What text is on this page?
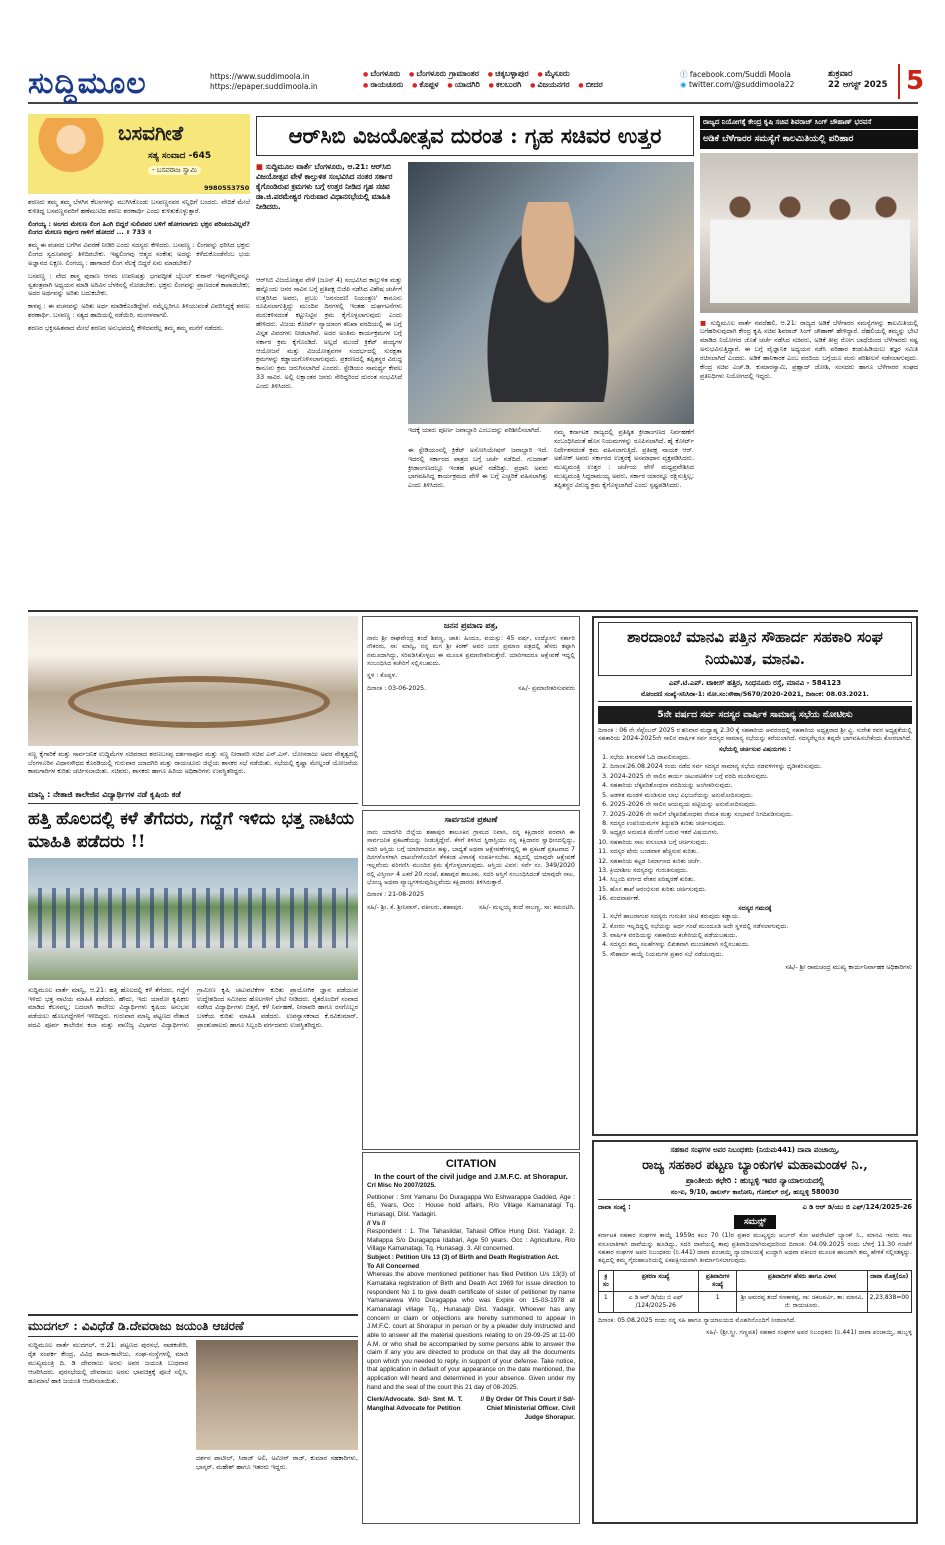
ಸುದ್ದಿಮೂಲ	https://www.suddimoola.in
https://epaper.suddimoola.in
● ಬೆಂಗಳೂರು ● ಬೆಂಗಳೂರು ಗ್ರಾಮಾಂತರ ● ಚಿಕ್ಕಬಳ್ಳಾಪುರ ● ಮೈಸೂರು
● ರಾಯಚೂರು ● ಕೊಪ್ಪಳ ● ಯಾದಗಿರಿ ● ಕಲಬುರಗಿ ● ವಿಜಯನಗರ ● ಬೀದರ
ⓕ facebook.com/Suddi Moola
◉ twitter.com/@suddimoola22
ಶುಕ್ರವಾರ
22 ಆಗಸ್ಟ್ 2025 5
ಬಸವಗೀತೆ
ಸತ್ಯ ಸಂವಾದ -645
- ಬಸವರಾಜ ಸ್ವಾಮಿ
9980553750

ಶರಣರು ತಮ್ಮ ತಮ್ಮ ಬೆಳಗಿನ ಕೆಲಸಗಳನ್ನು ಮುಗಿಸಿಕೊಂಡು ಬಸವಣ್ಣನವರ ಸನ್ನಿಧಿಗೆ ಬಂದರು. ವೇದಿಕೆ ಮೇಲೆ ಕುಳಿತಿದ್ದ ಬಸವಣ್ಣನವರಿಗೆ ಹಣೆಮುಟಿದ ಶರಣು ಶರಣಾರ್ಥಿ ಎಂದು ಕುಳಿತುಕೊಳ್ಳುತ್ತಾರೆ.

ಲಿಂಗಯ್ಯ : ಅಂಗದ ಮೇಲಣ ಲಿಂಗ ಹಿಂಗಿ ಬಿದ್ದರೆ ಸುಲಿವವರ ಬಳಿಗೆ ಹೋಗಲಾಗದು ಭಕ್ತನ ಪರಿಚಯವಿಲ್ಲವೆ? ಲಿಂಗದ ಮೇಲಣ ಕರ್ಪುರ ಗಾಳಿಗೆ ಹೋದರೆ ... ॥ 733 ॥

ತಮ್ಮ ಈ ವಚನದ ಬಗೆಗಿನ ವಿವರಣೆ ನೀಡಿರಿ ಎಂದು ಸದಸ್ಯರು ಕೇಳಿದರು. ಬಸವಣ್ಣ : ಲಿಂಗವನ್ನು ಧರಿಸಿದ ಭಕ್ತನು ಲಿಂಗದ ಸ್ವರೂಪವನ್ನು ತಿಳಿದಿರಬೇಕು. ಇಷ್ಟಲಿಂಗವು ಆತ್ಮದ ಸಂಕೇತ; ಅದನ್ನು ಕಳೆದುಕೊಂಡೆನೆಂಬ ಭಯ ಅಜ್ಞಾನದ ಲಕ್ಷಣ. ಲಿಂಗಯ್ಯ : ಹಾಗಾದರೆ ಲಿಂಗ ನೆಲಕ್ಕೆ ಬಿದ್ದರೆ ಏನು ಮಾಡಬೇಕು?

ಬಸವಣ್ಣ : ವೇದ ಶಾಸ್ತ್ರ ಪುರಾಣ ಆಗಮ ಉಪನಿಷತ್ತು ಭಗವದ್ಗೀತೆ ಬೈಬಲ್ ಕುರಾನ್ ಇವುಗಳೆಲ್ಲವನ್ನೂ ಸ್ವತಂತ್ರವಾಗಿ ಅಧ್ಯಯನ ಮಾಡಿ ಅರಿವಿನ ಬೆಳಕಿನಲ್ಲಿ ನೋಡಬೇಕು. ಭಕ್ತನು ಲಿಂಗವನ್ನು ಪ್ರಾಣದಂತೆ ಕಾಪಾಡಬೇಕು; ಅದರ ಅರ್ಥವನ್ನು ಅರಿತು ಬದುಕಬೇಕು.

ಕಾಳಪ್ಪ : ಈ ವಚನವನ್ನು ಅರಿತು ಅರ್ಥ ಮಾಡಿಕೊಂಡಿದ್ದೇವೆ. ನಮ್ಮೆಲ್ಲರಿಗೂ ತಿಳಿಯುವಂತೆ ವಿವರಿಸಿದ್ದಕ್ಕೆ ಶರಣು ಶರಣಾರ್ಥಿ. ಬಸವಣ್ಣ : ಸತ್ಯದ ಹಾದಿಯಲ್ಲಿ ನಡೆಯಿರಿ, ಮಂಗಳವಾಗಲಿ.

ಶರಣರ ಭಕ್ತಿಸಹಿತವಾದ ಮೇಲೆ ಶರಣರ ಅನುಭವದಲ್ಲಿ ಕೇಳಿದವರೆಲ್ಲ ತಮ್ಮ ತಮ್ಮ ಮನೆಗೆ ನಡೆದರು.

ಆರ್‌ಸಿಬಿ ವಿಜಯೋತ್ಸವ ದುರಂತ : ಗೃಹ ಸಚಿವರ ಉತ್ತರ
■ ಸುದ್ದಿಮೂಲ ವಾರ್ತೆ ಬೆಂಗಳೂರು, ಆ.21: ಆರ್‌ಸಿಬಿ ವಿಜಯೋತ್ಸವ ವೇಳೆ ಕಾಲ್ತುಳಿತ ಸಂಭವಿಸಿದ ನಂತರ ಸರ್ಕಾರ ಕೈಗೊಂಡಿರುವ ಕ್ರಮಗಳು ಬಗ್ಗೆ ಉತ್ತರ ನೀಡಿದ ಗೃಹ ಸಚಿವ ಡಾ.ಜಿ.ಪರಮೇಶ್ವರ ಗುರುವಾರ ವಿಧಾನಸಭೆಯಲ್ಲಿ ಮಾಹಿತಿ ನೀಡಿದರು.
ಇದಕ್ಕೆ ಯಾರು ಪೂರ್ಣ ಜವಾಬ್ದಾರಿ ಎಂಬುದನ್ನು ಪರಿಶೀಲಿಸಲಾಗಿದೆ.
ಆರ್‌ಸಿಬಿ ವಿಜಯೋತ್ಸವ ವೇಳೆ (ಜೂನ್ 4) ಸಂಭವಿಸಿದ ಕಾಲ್ತುಳಿತ ಮತ್ತು ಹನ್ನೊಂದು ಜನರ ಸಾವಿನ ಬಗ್ಗೆ ಪ್ರತಿಪಕ್ಷ ಬಿಜೆಪಿ ನಡೆಸಿದ ವಿಶೇಷ ಚರ್ಚೆಗೆ ಉತ್ತರಿಸಿದ ಅವರು, ಪ್ರಬಲ 'ಜನಸಂದಣಿ ನಿಯಂತ್ರಣ' ಕಾನೂನು ರೂಪಿಸಲಾಗುತ್ತಿದ್ದು ಮುಂದಿನ ದಿನಗಳಲ್ಲಿ ಇಂತಹ ದುರ್ಘಟನೆಗಳು ಮರುಕಳಿಸದಂತೆ ಕಟ್ಟುನಿಟ್ಟಿನ ಕ್ರಮ ಕೈಗೊಳ್ಳಲಾಗುವುದು ಎಂದು ಹೇಳಿದರು. ವಿಜಯ ಕೋರ್ಟ್ ನ್ಯಾಯಾಂಗ ತನಿಖಾ ವರದಿಯಲ್ಲಿ ಈ ಬಗ್ಗೆ ವಿಸ್ತೃತ ವಿವರಗಳು ನೀಡಲಾಗಿವೆ. ಅದರ ಅಂತಿಮ ಕಾರ್ಯಕ್ರಮಗಳ ಬಗ್ಗೆ ಸರ್ಕಾರ ಕ್ರಮ ಕೈಗೊಂಡಿದೆ. ಅಲ್ಲದೆ ಮುಂದೆ ಕ್ರಿಕೆಟ್ ಪಂದ್ಯಗಳ ಆಯೋಜನೆ ಮತ್ತು ವಿಜಯೋತ್ಸವಗಳ ಸಂದರ್ಭದಲ್ಲಿ ಸುರಕ್ಷತಾ ಕ್ರಮಗಳನ್ನು ಕಡ್ಡಾಯಗೊಳಿಸಲಾಗುವುದು. ಪ್ರಕರಣದಲ್ಲಿ ತಪ್ಪಿತಸ್ಥರ ವಿರುದ್ಧ ಕಾನೂನು ಕ್ರಮ ಜರುಗಿಸಲಾಗಿದೆ ಎಂದರು. ಸ್ಟೇಡಿಯಂ ಸಾಮರ್ಥ್ಯ ಕೇವಲ 33 ಸಾವಿರ. ಅಲ್ಲಿ ಲಕ್ಷಾಂತರ ಜನರು ಸೇರಿದ್ದರಿಂದ ದುರಂತ ಸಂಭವಿಸಿದೆ ಎಂದು ತಿಳಿಸಿದರು.
ಈ ಸ್ಟೇಡಿಯಂನಲ್ಲಿ ಕ್ರಿಕೆಟ್ ಅಸೋಸಿಯೇಷನ್ ಜವಾಬ್ದಾರಿ ಇದೆ. ಇದರಲ್ಲಿ ಸರ್ಕಾರದ ಪಾತ್ರದ ಬಗ್ಗೆ ಚರ್ಚೆ ನಡೆದಿದೆ. ಗುಜರಾತ್ ಕ್ರೀಡಾಂಗಣದಲ್ಲೂ ಇಂತಹ ಘಟನೆ ನಡೆದಿತ್ತು. ಪ್ರಧಾನಿ ಅವರು ಭಾಗವಹಿಸಿದ್ದ ಕಾರ್ಯಕ್ರಮದ ವೇಳೆ ಈ ಬಗ್ಗೆ ಎಚ್ಚರಿಕೆ ವಹಿಸಲಾಗಿತ್ತು ಎಂದು ತಿಳಿಸಿದರು.
ನಮ್ಮ ಕರ್ನಾಟಕ ರಾಜ್ಯದಲ್ಲಿ ಪ್ರತಿಷ್ಠಿತ ಕ್ರೀಡಾಂಗಣದ ನಿರ್ವಹಣೆಗೆ ಸಂಬಂಧಿಸಿದಂತೆ ಹೊಸ ನಿಯಮಗಳನ್ನು ರೂಪಿಸಲಾಗಿದೆ. ಹೈ ಕೋರ್ಟ್ ನಿರ್ದೇಶನದಂತೆ ಕ್ರಮ ವಹಿಸಲಾಗುತ್ತಿದೆ. ಪ್ರತಿಪಕ್ಷ ನಾಯಕ ಆರ್. ಅಶೋಕ್ ಅವರು ಸರ್ಕಾರದ ಉತ್ತರಕ್ಕೆ ಅಸಮಾಧಾನ ವ್ಯಕ್ತಪಡಿಸಿದರು. ಮುಖ್ಯಮಂತ್ರಿ ಉತ್ತರ : ಚರ್ಚೆಯ ವೇಳೆ ಮಧ್ಯಪ್ರವೇಶಿಸಿದ ಮುಖ್ಯಮಂತ್ರಿ ಸಿದ್ದರಾಮಯ್ಯ ಅವರು, ಸರ್ಕಾರ ಯಾರನ್ನೂ ರಕ್ಷಿಸುತ್ತಿಲ್ಲ; ತಪ್ಪಿತಸ್ಥರ ವಿರುದ್ಧ ಕ್ರಮ ಕೈಗೊಳ್ಳಲಾಗಿದೆ ಎಂದು ಸ್ಪಷ್ಟಪಡಿಸಿದರು.
ರಾಜ್ಯದ ನಿಯೋಗಕ್ಕೆ ಕೇಂದ್ರ ಕೃಷಿ ಸಚಿವ ಶಿವರಾಜ್ ಸಿಂಗ್ ಚೌಹಾಣ್ ಭರವಸೆ
ಅಡಿಕೆ ಬೆಳೆಗಾರರ ಸಮಸ್ಯೆಗೆ ಕಾಲಮಿತಿಯಲ್ಲಿ ಪರಿಹಾರ
■ ಸುದ್ದಿಮೂಲ ವಾರ್ತೆ ನವದೆಹಲಿ, ಆ.21: ರಾಜ್ಯದ ಅಡಿಕೆ ಬೆಳೆಗಾರರ ಸಮಸ್ಯೆಗಳನ್ನು ಕಾಲಮಿತಿಯಲ್ಲಿ ಬಗೆಹರಿಸುವುದಾಗಿ ಕೇಂದ್ರ ಕೃಷಿ ಸಚಿವ ಶಿವರಾಜ್ ಸಿಂಗ್ ಚೌಹಾಣ್ ಹೇಳಿದ್ದಾರೆ. ದೆಹಲಿಯಲ್ಲಿ ತಮ್ಮನ್ನು ಭೇಟಿ ಮಾಡಿದ ನಿಯೋಗದ ಜೊತೆ ಚರ್ಚೆ ನಡೆಸಿದ ಸಚಿವರು, ಅಡಿಕೆ ತೀವ್ರ ರೋಗ ಬಾಧೆಯಿಂದ ಬೆಳೆಗಾರರು ನಷ್ಟ ಅನುಭವಿಸುತ್ತಿದ್ದಾರೆ. ಈ ಬಗ್ಗೆ ವೈಜ್ಞಾನಿಕ ಅಧ್ಯಯನ ನಡೆಸಿ ಪರಿಹಾರ ಕಂಡುಹಿಡಿಯಲು ತಜ್ಞರ ಸಮಿತಿ ರಚಿಸಲಾಗಿದೆ ಎಂದರು. ಅಡಿಕೆ ಹಾನಿಕಾರಕ ಎಂಬ ವರದಿಯ ಬಗ್ಗೆಯೂ ಮರು ಪರಿಶೀಲನೆ ನಡೆಸಲಾಗುವುದು. ಕೇಂದ್ರ ಸಚಿವ ಎಚ್.ಡಿ. ಕುಮಾರಸ್ವಾಮಿ, ಪ್ರಹ್ಲಾದ್ ಜೋಶಿ, ಸಂಸದರು ಹಾಗೂ ಬೆಳೆಗಾರರ ಸಂಘದ ಪ್ರತಿನಿಧಿಗಳು ನಿಯೋಗದಲ್ಲಿ ಇದ್ದರು.
ಸಣ್ಣ ಕೈಗಾರಿಕೆ ಮತ್ತು ಸಾರ್ವಜನಿಕ ಉದ್ದಿಮೆಗಳ ಸಚಿವರಾದ ಶರಣಬಸಪ್ಪ ದರ್ಶನಾಪೂರ ಮತ್ತು ಸಣ್ಣ ನೀರಾವರಿ ಸಚಿವ ಎನ್.ಎಸ್. ಬೋಸರಾಜು ಅವರ ನೇತೃತ್ವದಲ್ಲಿ ಬೆಂಗಳೂರಿನ ವಿಧಾನಸೌಧದ ಕೊಠಡಿಯಲ್ಲಿ ಗುರುವಾರ ಯಾದಗಿರಿ ಮತ್ತು ರಾಯಚೂರು ಜಿಲ್ಲೆಯ ಶಾಸಕರ ಸಭೆ ನಡೆಯಿತು. ಸಭೆಯಲ್ಲಿ ಕೃಷ್ಣಾ ಮೇಲ್ದಂಡೆ ಯೋಜನೆಯ ಕಾಮಗಾರಿಗಳ ಕುರಿತು ಚರ್ಚಿಸಲಾಯಿತು. ಸಚಿವರು, ಶಾಸಕರು ಹಾಗೂ ಹಿರಿಯ ಅಧಿಕಾರಿಗಳು ಉಪಸ್ಥಿತರಿದ್ದರು.
ಮಾನ್ವಿ : ನೇತಾಜಿ ಕಾಲೇಜಿನ ವಿದ್ಯಾರ್ಥಿಗಳ ನಡೆ ಕೃಷಿಯ ಕಡೆ
ಹತ್ತಿ ಹೊಲದಲ್ಲಿ ಕಳೆ ತೆಗೆದರು, ಗದ್ದೆಗೆ ಇಳಿದು ಭತ್ತ ನಾಟಿಯ ಮಾಹಿತಿ ಪಡೆದರು !!
ಸುದ್ದಿಮೂಲ ವಾರ್ತೆ ಮಾನ್ವಿ, ಆ.21: ಹತ್ತಿ ಹೊಲದಲ್ಲಿ ಕಳೆ ತೆಗೆದರು, ಗದ್ದೆಗೆ ಇಳಿದು ಭತ್ತ ನಾಟಿಯ ಮಾಹಿತಿ ಪಡೆದರು. ಹೌದು, ಇದು ಯಾರೋ ಕೃಷಿಕರು ಮಾಡಿದ ಕೆಲಸವಲ್ಲ; ಬದಲಾಗಿ ಕಾಲೇಜು ವಿದ್ಯಾರ್ಥಿಗಳು ಕೃಷಿಯ ಅನುಭವ ಪಡೆಯಲು ಹೊಲಗದ್ದೆಗಳಿಗೆ ಇಳಿದಿದ್ದರು. ಗುರುವಾರ ಮಾನ್ವಿ ಪಟ್ಟಣದ ನೇತಾಜಿ ಪದವಿ ಪೂರ್ವ ಕಾಲೇಜಿನ ಕಲಾ ಮತ್ತು ವಾಣಿಜ್ಯ ವಿಭಾಗದ ವಿದ್ಯಾರ್ಥಿಗಳು ಗ್ರಾಮೀಣ ಕೃಷಿ ಚಟುವಟಿಕೆಗಳ ಕುರಿತು ಪ್ರಾಯೋಗಿಕ ಜ್ಞಾನ ಪಡೆಯುವ ಉದ್ದೇಶದಿಂದ ಸಮೀಪದ ಹೊಲಗಳಿಗೆ ಭೇಟಿ ನೀಡಿದರು. ರೈತರೊಂದಿಗೆ ಸಂವಾದ ನಡೆಸಿದ ವಿದ್ಯಾರ್ಥಿಗಳು ಬಿತ್ತನೆ, ಕಳೆ ನಿರ್ವಹಣೆ, ನೀರಾವರಿ ಹಾಗೂ ರಸಗೊಬ್ಬರ ಬಳಕೆಯ ಕುರಿತು ಮಾಹಿತಿ ಪಡೆದರು. ಉಪನ್ಯಾಸಕರಾದ ಕೆ.ರವಿಕುಮಾರ್, ಪ್ರಾಂಶುಪಾಲರು ಹಾಗೂ ಸಿಬ್ಬಂದಿ ವರ್ಗದವರು ಉಪಸ್ಥಿತರಿದ್ದರು.
ಮುದಗಲ್ : ವಿವಿಧೆಡೆ ಡಿ.ದೇವರಾಜು ಜಯಂತಿ ಆಚರಣೆ
ಸುದ್ದಿಮೂಲ ವಾರ್ತೆ ಮುದಗಲ್, ಆ.21: ಪಟ್ಟಣದ ಪುರಸಭೆ, ನಾಡಕಚೇರಿ, ರೈತ ಸಂಪರ್ಕ ಕೇಂದ್ರ, ವಿವಿಧ ಶಾಲಾ-ಕಾಲೇಜು, ಸಂಘ-ಸಂಸ್ಥೆಗಳಲ್ಲಿ ಮಾಜಿ ಮುಖ್ಯಮಂತ್ರಿ ದಿ. ಡಿ ದೇವರಾಜು ಅರಸು ಅವರ ಜಯಂತಿ ಬುಧವಾರ ಆಚರಿಸಿದರು. ಪುರಸಭೆಯಲ್ಲಿ ದೇವರಾಜು ಅರಸು ಭಾವಚಿತ್ರಕ್ಕೆ ಪೂಜೆ ಸಲ್ಲಿಸಿ, ಹೂಮಾಲೆ ಹಾಕಿ ಜಯಂತಿ ಆಚರಿಸಲಾಯಿತು.
ದರ್ಶನ ಪಾಟೀಲ್, ಸಿರಾಜ್ ಅಲಿ, ಅಮೀನ್ ರಾಜ್, ಕುಮಾರ ಸಹಕಾರಿಗಳು, ಭಾಸ್ಕರ್, ಮಹೇಶ್ ಹಾಗೂ ಇತರರು ಇದ್ದರು.
ಜನನ ಪ್ರಮಾಣ ಪತ್ರ,
ನಾನು ಶ್ರೀ ರಾಘವೇಂದ್ರ ತಂದೆ ಶಿವಣ್ಣ, ಜಾತಿ: ಹಿಂದೂ, ವಯಸ್ಸು: 45 ವರ್ಷ, ಉದ್ಯೋಗ: ಸರ್ಕಾರಿ ನೌಕರರು, ಸಾ: ಮಾನ್ವಿ, ನನ್ನ ಮಗ ಶ್ರೀ ಕಿರಣ್ ಅವರ ಜನನ ಪ್ರಮಾಣ ಪತ್ರದಲ್ಲಿ ಹೆಸರು ತಪ್ಪಾಗಿ ನಮೂದಾಗಿದ್ದು, ಸರಿಪಡಿಸಿಕೊಳ್ಳಲು ಈ ಮೂಲಕ ಪ್ರಮಾಣೀಕರಿಸುತ್ತೇನೆ. ಯಾರಿಗಾದರೂ ಆಕ್ಷೇಪಣೆ ಇದ್ದಲ್ಲಿ ಸಂಬಂಧಿಸಿದ ಕಚೇರಿಗೆ ಸಲ್ಲಿಸಬಹುದು.
ಸ್ಥಳ : ಕೊಪ್ಪಳ.
ದಿನಾಂಕ : 03-06-2025.	ಸಹಿ/- ಪ್ರಮಾಣೀಕರಿಸುವವರು
ಸಾರ್ವಜನಿಕ ಪ್ರಕಟಣೆ
ನಾನು ಯಾದಗಿರಿ ಜಿಲ್ಲೆಯ ಶಹಾಪುರ ತಾಲೂಕಿನ ಗ್ರಾಮದ ನಿವಾಸಿ, ನನ್ನ ಕಕ್ಷಿದಾರರ ಪರವಾಗಿ ಈ ಸಾರ್ವಜನಿಕ ಪ್ರಕಟಣೆಯನ್ನು ನೀಡುತ್ತಿದ್ದೇನೆ. ಕೆಳಗೆ ತಿಳಿಸಿದ ಸ್ಥಿರಾಸ್ತಿಯು ನನ್ನ ಕಕ್ಷಿದಾರರ ಸ್ವಾಧೀನದಲ್ಲಿದ್ದು, ಸದರಿ ಆಸ್ತಿಯ ಬಗ್ಗೆ ಯಾರಿಗಾದರೂ ಹಕ್ಕು, ಬಾಧ್ಯತೆ ಅಥವಾ ಆಕ್ಷೇಪಣೆಗಳಿದ್ದಲ್ಲಿ ಈ ಪ್ರಕಟಣೆ ಪ್ರಕಟವಾದ 7 ದಿನಗಳೊಳಗಾಗಿ ದಾಖಲೆಗಳೊಂದಿಗೆ ಕೆಳಕಂಡ ವಿಳಾಸಕ್ಕೆ ಸಂಪರ್ಕಿಸಬೇಕು. ತಪ್ಪಿದಲ್ಲಿ ಯಾವುದೇ ಆಕ್ಷೇಪಣೆ ಇಲ್ಲವೆಂದು ಪರಿಗಣಿಸಿ ಮುಂದಿನ ಕ್ರಮ ಕೈಗೊಳ್ಳಲಾಗುವುದು. ಆಸ್ತಿಯ ವಿವರ: ಸರ್ವೆ ನಂ. 349/2020 ರಲ್ಲಿ ವಿಸ್ತೀರ್ಣ 4 ಎಕರೆ 20 ಗುಂಟೆ, ಶಹಾಪುರ ತಾಲೂಕು. ಸದರಿ ಆಸ್ತಿಗೆ ಸಂಬಂಧಿಸಿದಂತೆ ಯಾವುದೇ ಸಾಲ, ಭೋಜ್ಯ ಅಥವಾ ವ್ಯಾಜ್ಯಗಳಿರುವುದಿಲ್ಲವೆಂದು ಕಕ್ಷಿದಾರರು ತಿಳಿಸಿರುತ್ತಾರೆ.
ದಿನಾಂಕ : 21-08-2025
ಸಹಿ/- ಶ್ರೀ. ಕೆ. ಶ್ರೀನಿವಾಸ್, ವಕೀಲರು, ಶಹಾಪುರ.	ಸಹಿ/- ಮಲ್ಲಯ್ಯ ತಂದೆ ಸಾಬಣ್ಣ, ಸಾ: ಕಮನಟಿಗಿ.
CITATION
In the court of the civil judge and J.M.F.C. at Shorapur.
Crl Misc No 2007/2025.
Petitioner : Smt Yamanu Do Duragappa Wo Eshwarappa Gadded, Age : 65, Years, Occ : House hold affairs, R/o Village Kamanatagi Tq. Hunasagi, Dist. Yadagiri.
// Vs //
Respondent : 1. The Tahasildar, Tahasil Office Hung Dist. Yadagir. 2. Mallappa S/o Duragappa Idabari, Age 50 years. Occ : Agriculture, R/o Village Kamanatagi, Tq. Hunasagi. 3. All concerned.
Subject : Petition U/s 13 (3) of Birth and Death Registration Act.
To All Concerned
Whereas the above mentioned petitioner has filed Petition U/s 13(3) of Karnataka registration of Birth and Death Act 1969 for issue direction to respondent No 1 to give death certificate of sister of petitioner by name Yamanawwa W/o Duragappa who was Expire on 15-03-1978 at Kamanatagi village Tq., Hunasagi Dist. Yadagir. Whoever has any concern or claim or objections are hereby summoned to appear in J.M.F.C. court at Shorapur in person or by a pleader duly instructed and able to answer all the material questions relating to on 29-09-25 at 11-00 A.M. or who shall be accompanied by some persons able to answer the claim if any you are directed to produce on that day all the documents upon which you needed to reply, in support of your defense. Take notice, that application in default of your appearance on the date mentioned, the application will heard and determined in your absence. Given under my hand and the seal of the court this 21 day of 08-2025.
Clerk/Advocate. Sd/- Smt M. T. Manglhal Advocate for Petition
// By Order Of This Court // Sd/- Chief Ministerial Officer. Civil Judge Shorapur.
ಶಾರದಾಂಬೆ ಮಾನವಿ ಪತ್ತಿನ ಸೌಹಾರ್ದ ಸಹಕಾರಿ ಸಂಘ ನಿಯಮಿತ, ಮಾನವಿ.
ಎಪ್.ಟಿ.ಎಪ್. ಟಾಕೀಸ್ ಹತ್ತಿರ, ಸಿಂಧನೂರು ರಸ್ತೆ, ಮಾನವಿ - 584123
ನೋಂದಣಿ ಸಂಖ್ಯೆ-ಸನಿಸಿರಾ-1: ನೋ.ಸಂ:ಸೌಹಾ/5670/2020-2021, ದಿನಾಂಕ: 08.03.2021.
5ನೇ ವರ್ಷದ ಸರ್ವ ಸದಸ್ಯರ ವಾರ್ಷಿಕ ಸಾಮಾನ್ಯ ಸಭೆಯ ನೋಟೀಸು

ದಿನಾಂಕ : 06 ನೇ ಸೆಪ್ಟೆಂಬರ್ 2025 ರ ಶನಿವಾರ ಮಧ್ಯಾಹ್ನ 2.30 ಕ್ಕೆ ಸಹಕಾರಿಯ ಆವರಣದಲ್ಲಿ ಸಹಕಾರಿಯ ಅಧ್ಯಕ್ಷರಾದ ಶ್ರೀ ವ್ಹಿ. ಸುರೇಶ ರವರ ಅಧ್ಯಕ್ಷತೆಯಲ್ಲಿ ಸಹಕಾರಿಯ 2024-2025ನೇ ಸಾಲಿನ ವಾರ್ಷಿಕ ಸರ್ವ ಸದಸ್ಯರ ಸಾಮಾನ್ಯ ಸಭೆಯನ್ನು ಕರೆಯಲಾಗಿದೆ. ಸದಸ್ಯರೆಲ್ಲರೂ ತಪ್ಪದೇ ಭಾಗವಹಿಸಬೇಕೆಂದು ಕೋರಲಾಗಿದೆ.

ಸಭೆಯಲ್ಲಿ ಚರ್ಚಿಸುವ ವಿಷಯಗಳು :

1. ಸಭೆಯ ತಿಳುವಳಿಕೆ ಓದಿ ದಾಖಲಿಸುವುದು.
2. ದಿನಾಂಕ:26.08.2024 ರಂದು ನಡೆದ ಸರ್ವ ಸದಸ್ಯರ ಸಾಮಾನ್ಯ ಸಭೆಯ ನಡವಳಿಗಳನ್ನು ಧೃಡೀಕರಿಸುವುದು.
3. 2024-2025 ನೇ ಸಾಲಿನ ಕಾರ್ಯ ಚಟುವಟಿಕೆಗಳ ಬಗ್ಗೆ ವರದಿ ಮಂಡಿಸುವುದು.
4. ಸಹಕಾರಿಯ ಲೆಕ್ಕಪರಿಶೋಧನಾ ವರದಿಯನ್ನು ಅಂಗೀಕರಿಸುವುದು.
5. ಆಡಳಿತ ಮಂಡಳಿ ಮಂಡಿಸುವ ಲಾಭ ವಿಭಜನೆಯನ್ನು ಅನುಮೋದಿಸುವುದು.
6. 2025-2026 ನೇ ಸಾಲಿನ ಆಯವ್ಯಯ ಪಟ್ಟಿಯನ್ನು ಅನುಮೋದಿಸುವುದು.
7. 2025-2026 ನೇ ಸಾಲಿಗೆ ಲೆಕ್ಕಪರಿಶೋಧಕರ ನೇಮಕ ಮತ್ತು ಸಂಭಾವನೆ ನಿಗದಿಪಡಿಸುವುದು.
8. ಸದಸ್ಯರ ಉಪನಿಯಮಗಳ ತಿದ್ದುಪಡಿ ಕುರಿತು ಚರ್ಚಿಸುವುದು.
9. ಅಧ್ಯಕ್ಷರ ಅನುಮತಿ ಮೇರೆಗೆ ಬರುವ ಇತರೆ ವಿಷಯಗಳು.
10. ಸಹಕಾರಿಯ ಸಾಲ ವಸೂಲಾತಿ ಬಗ್ಗೆ ಚರ್ಚಿಸುವುದು.
11. ಸದಸ್ಯರ ಷೇರು ಬಂಡವಾಳ ಹೆಚ್ಚಿಸುವ ಕುರಿತು.
12. ಸಹಕಾರಿಯ ಕಟ್ಟಡ ನಿರ್ಮಾಣದ ಕುರಿತು ಚರ್ಚೆ.
13. ಕ್ರಿಯಾಶೀಲ ಸದಸ್ಯರನ್ನು ಗುರುತಿಸುವುದು.
14. ಸಿಬ್ಬಂದಿ ವರ್ಗದ ವೇತನ ಪರಿಷ್ಕರಣೆ ಕುರಿತು.
15. ಹೊಸ ಶಾಖೆ ಆರಂಭಿಸುವ ಕುರಿತು ಚರ್ಚಿಸುವುದು.
16. ವಂದನಾರ್ಪಣೆ.

ಸದಸ್ಯರ ಗಮನಕ್ಕೆ

1. ಸಭೆಗೆ ಹಾಜರಾಗುವ ಸದಸ್ಯರು ಗುರುತಿನ ಚೀಟಿ ತರುವುದು ಕಡ್ಡಾಯ.
2. ಕೋರಂ ಇಲ್ಲದಿದ್ದಲ್ಲಿ ಸಭೆಯನ್ನು ಅರ್ಧ ಗಂಟೆ ಮುಂದೂಡಿ ಅದೇ ಸ್ಥಳದಲ್ಲಿ ನಡೆಸಲಾಗುವುದು.
3. ವಾರ್ಷಿಕ ವರದಿಯನ್ನು ಸಹಕಾರಿಯ ಕಚೇರಿಯಲ್ಲಿ ಪಡೆಯಬಹುದು.
4. ಸದಸ್ಯರು ತಮ್ಮ ಸಲಹೆಗಳನ್ನು ಲಿಖಿತವಾಗಿ ಮುಂಚಿತವಾಗಿ ಸಲ್ಲಿಸಬಹುದು.
5. ಸೌಹಾರ್ದ ಕಾಯ್ದೆ ನಿಯಮಗಳ ಪ್ರಕಾರ ಸಭೆ ನಡೆಯುವುದು.
ಸಹಿ/- ಶ್ರೀ ರಾಮಚಂದ್ರ ಮುಖ್ಯ ಕಾರ್ಯನಿರ್ವಾಹಕ ಅಧಿಕಾರಿಗಳು
ಸಹಕಾರ ಸಂಘಗಳ ಅಪರ ನಿಬಂಧಕರು (ನಿಯಮ441) ದಾವಾ ಪಂಚಾಯ್ತಿ,
ರಾಜ್ಯ ಸಹಕಾರ ಪಟ್ಟಣ ಬ್ಯಾಂಕುಗಳ ಮಹಾಮಂಡಳ ನಿ.,
ಪ್ರಾಂತೀಯ ಕಛೇರಿ : ಹುಬ್ಬಳ್ಳಿ ಇವರ ನ್ಯಾಯಾಲಯದಲ್ಲಿ
ನಂ-ಐ, 9/10, ಡಾಲರ್ಸ್ ಕಾಲೋನಿ, ಗೋಕುಲ್ ರಸ್ತೆ, ಹುಬ್ಬಳ್ಳಿ 580030
ದಾವಾ ಸಂಖ್ಯೆ :	ಎ ಡಿ ಆರ್ ಡಿ/ಯು ಬಿ ಎಫ್/124/2025-26
ಸಮನ್ಸ್
ಕರ್ನಾಟಕ ಸಹಕಾರ ಸಂಘಗಳ ಕಾಯ್ದೆ 1959ರ ಕಲಂ 70 (1)ರ ಪ್ರಕಾರ ಮುಖ್ಯಸ್ಥರು ಅರ್ಬನ್ ಕೋ ಆಪರೇಟಿವ್ ಬ್ಯಾಂಕ್ ನಿ., ಮಾನವಿ ಇವರು ಸಾಲ ವಸೂಲಾತಿಗಾಗಿ ದಾವೆಯನ್ನು ಹೂಡಿದ್ದು, ಸದರಿ ದಾವೆಯಲ್ಲಿ ತಾವು ಪ್ರತಿವಾದಿಯಾಗಿರುವುದರಿಂದ ದಿನಾಂಕ: 04.09.2025 ರಂದು ಬೆಳಿಗ್ಗೆ 11.30 ಗಂಟೆಗೆ ಸಹಕಾರ ಸಂಘಗಳ ಅಪರ ನಿಬಂಧಕರು (ನಿ.441) ದಾವಾ ಪಂಚಾಯ್ತಿ ನ್ಯಾಯಾಲಯಕ್ಕೆ ಖುದ್ದಾಗಿ ಅಥವಾ ವಕೀಲರ ಮೂಲಕ ಹಾಜರಾಗಿ ತಮ್ಮ ಹೇಳಿಕೆ ಸಲ್ಲಿಸತಕ್ಕದ್ದು. ತಪ್ಪಿದಲ್ಲಿ ತಮ್ಮ ಗೈರುಹಾಜರಿಯಲ್ಲಿ ಏಕಪಕ್ಷೀಯವಾಗಿ ತೀರ್ಮಾನಿಸಲಾಗುವುದು.
ಕ್ರ ಸಂ	ಪ್ರಕರಣ ಸಂಖ್ಯೆ	ಪ್ರತಿವಾದಿಗಳ ಸಂಖ್ಯೆ	ಪ್ರತಿವಾದಿಗಳ ಹೆಸರು ಹಾಗೂ ವಿಳಾಸ	ದಾವಾ ಮೊತ್ತ(ರೂ)
1	ಎ ಡಿ ಆರ್ ಡಿ/ಯು ಬಿ ಎಫ್ /124/2025-26	1	ಶ್ರೀ ಅಮರಪ್ಪ ತಂದೆ ಸಣಕಾಳಪ್ಪ, ಸಾ: ಚಿಕಲಪರ್ವಿ, ತಾ: ಮಾನವಿ, ಜಿ: ರಾಯಚೂರು.	2,23,838=00
ದಿನಾಂಕ: 05.08.2025 ರಂದು ನನ್ನ ಸಹಿ ಹಾಗೂ ನ್ಯಾಯಾಲಯದ ಮೊಹರಿನೊಂದಿಗೆ ನೀಡಲಾಗಿದೆ.
ಸಹಿ/- (ಶ್ರೀ.ಸ್ತ್ರೀ. ಗಣ್ಣಪತಿ) ಸಹಕಾರ ಸಂಘಗಳ ಅಪರ ನಿಬಂಧಕರು (ನಿ.441) ದಾವಾ ಪಂಚಾಯ್ತಿ, ಹುಬ್ಬಳ್ಳಿ
